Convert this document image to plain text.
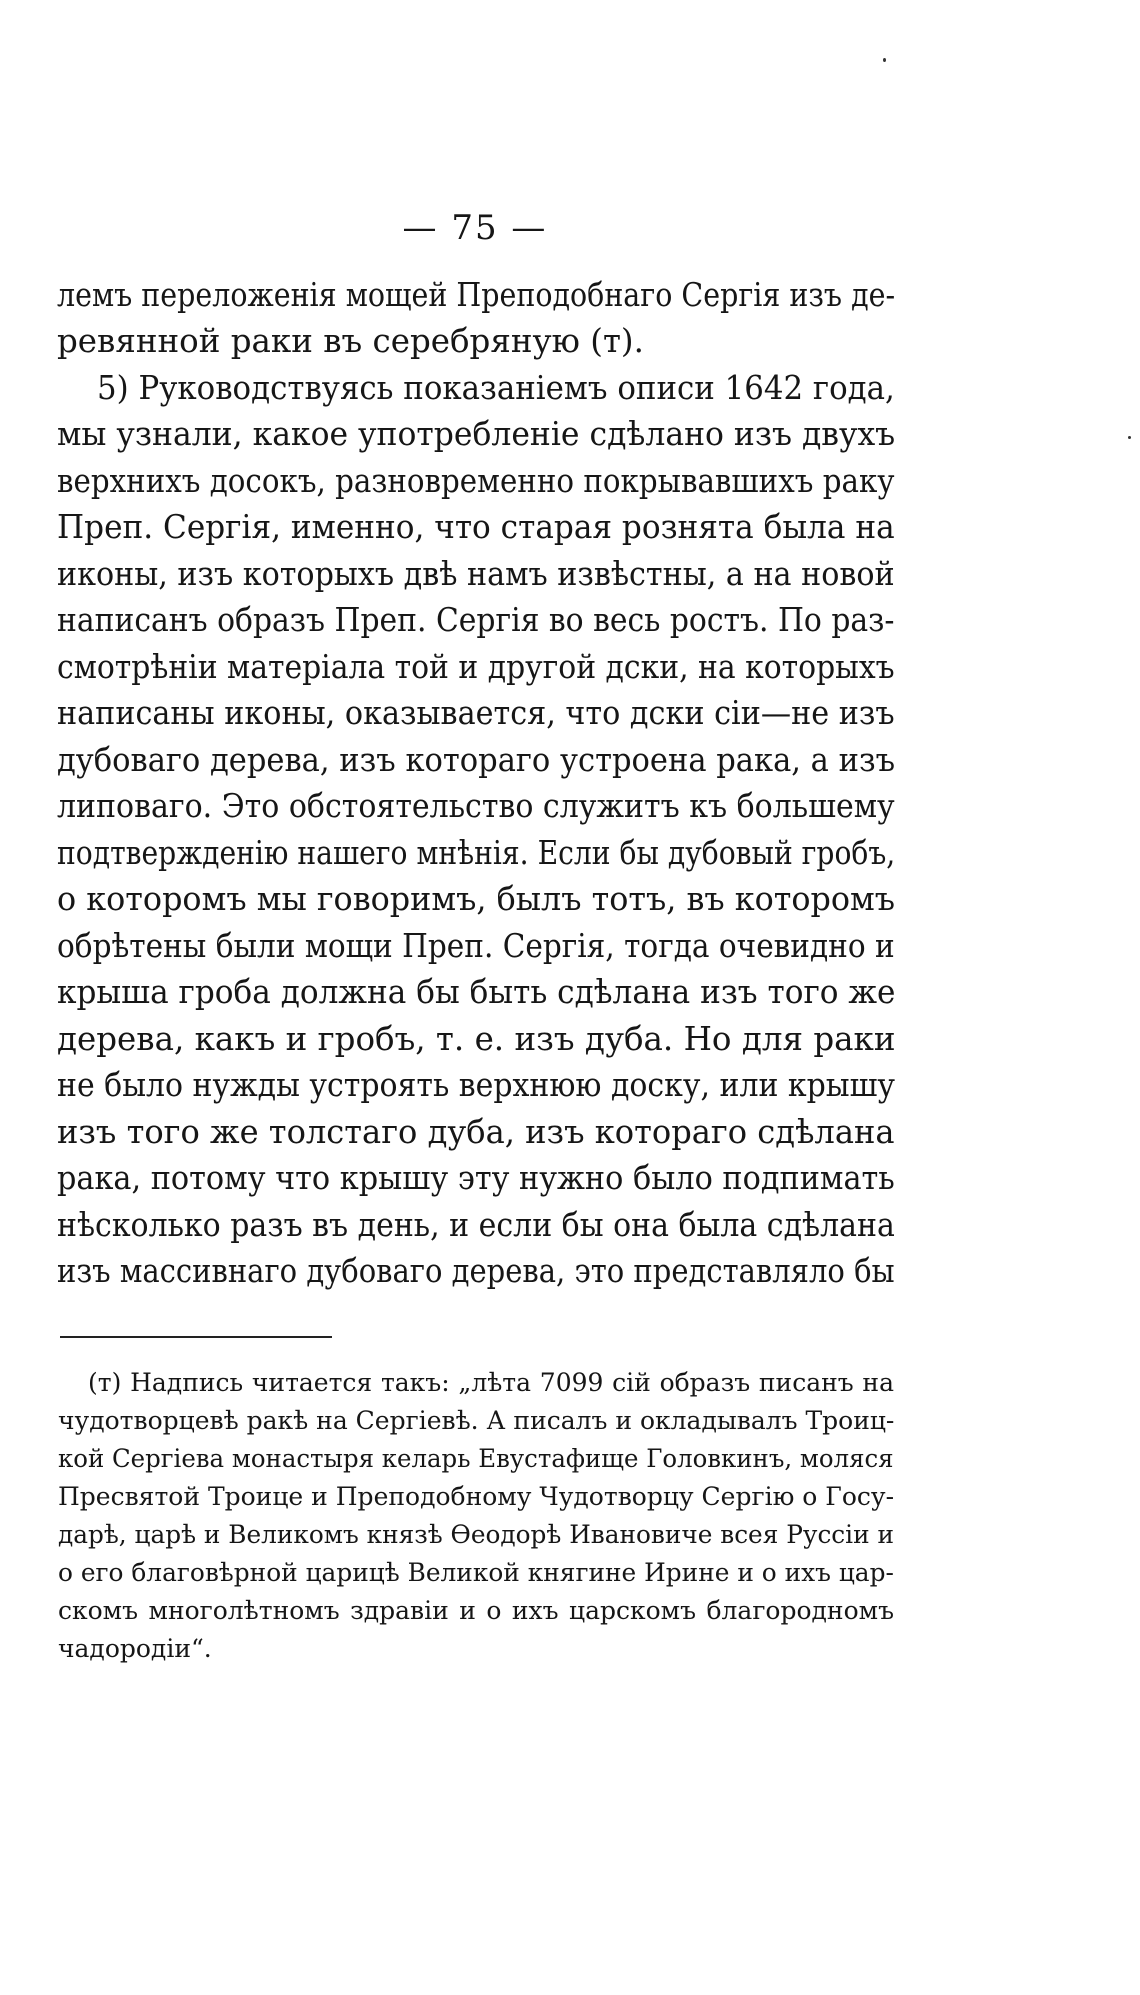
— 75 —
лемъ переложенія мощей Преподобнаго Сергія изъ де-
ревянной раки въ серебряную (т).
5) Руководствуясь показаніемъ описи 1642 года,
мы узнали, какое употребленіе сдѣлано изъ двухъ
верхнихъ досокъ, разновременно покрывавшихъ раку
Преп. Сергія, именно, что старая рознята была на
иконы, изъ которыхъ двѣ намъ извѣстны, а на новой
написанъ образъ Преп. Сергія во весь ростъ. По раз-
смотрѣніи матеріала той и другой дски, на которыхъ
написаны иконы, оказывается, что дски сіи—не изъ
дубоваго дерева, изъ котораго устроена рака, а изъ
липоваго. Это обстоятельство служитъ къ большему
подтвержденію нашего мнѣнія. Если бы дубовый гробъ,
о которомъ мы говоримъ, былъ тотъ, въ которомъ
обрѣтены были мощи Преп. Сергія, тогда очевидно и
крыша гроба должна бы быть сдѣлана изъ того же
дерева, какъ и гробъ, т. е. изъ дуба. Но для раки
не было нужды устроять верхнюю доску, или крышу
изъ того же толстаго дуба, изъ котораго сдѣлана
рака, потому что крышу эту нужно было подпимать
нѣсколько разъ въ день, и если бы она была сдѣлана
изъ массивнаго дубоваго дерева, это представляло бы
(т) Надпись читается такъ: „лѣта 7099 сій образъ писанъ на
чудотворцевѣ ракѣ на Сергіевѣ. А писалъ и окладывалъ Троиц-
кой Сергіева монастыря келарь Евустафище Головкинъ, моляся
Пресвятой Троице и Преподобному Чудотворцу Сергію о Госу-
дарѣ, царѣ и Великомъ князѣ Ѳеодорѣ Ивановиче всея Руссіи и
о его благовѣрной царицѣ Великой княгине Ирине и о ихъ цар-
скомъ многолѣтномъ здравіи и о ихъ царскомъ благородномъ
чадородіи“.
